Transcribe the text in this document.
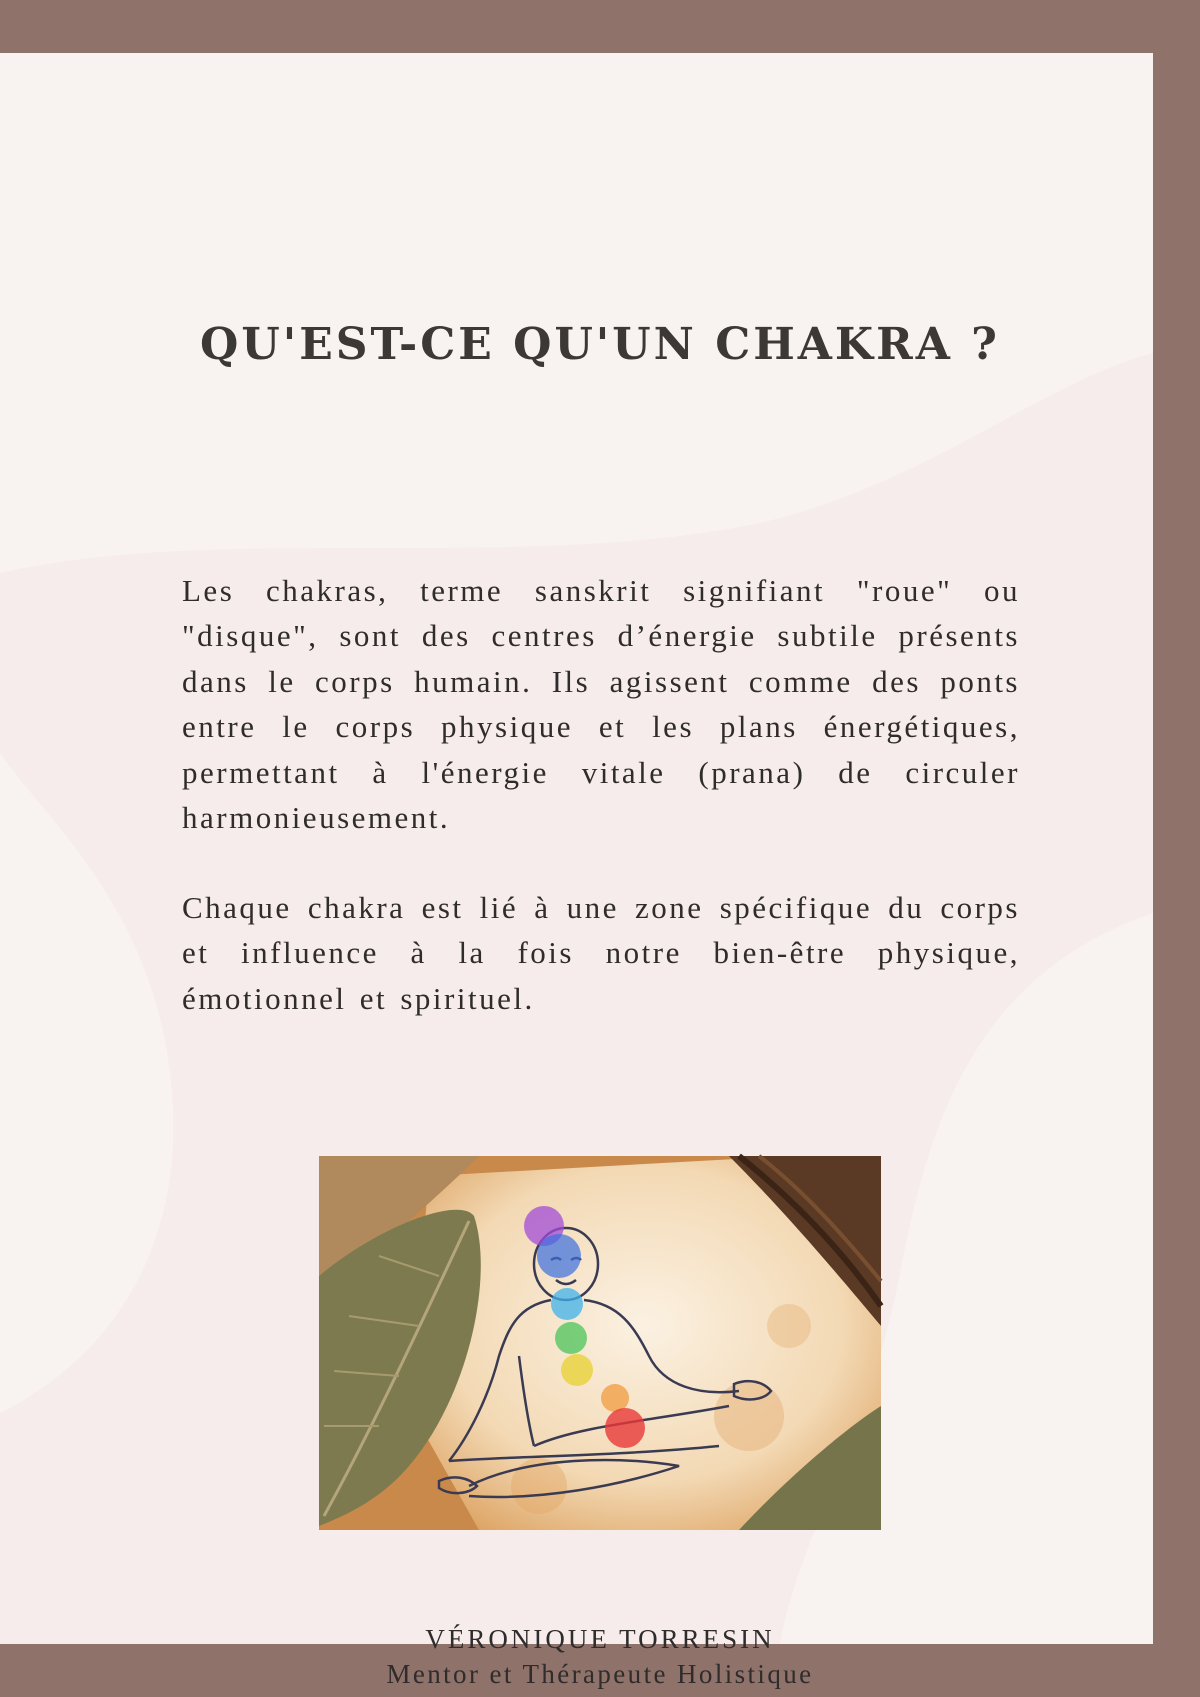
QU'EST-CE QU'UN CHAKRA ?

Les chakras, terme sanskrit signifiant "roue" ou "disque", sont des centres d’énergie subtile présents dans le corps humain. Ils agissent comme des ponts entre le corps physique et les plans énergétiques, permettant à l'énergie vitale (prana) de circuler harmonieusement.

Chaque chakra est lié à une zone spécifique du corps et influence à la fois notre bien-être physique, émotionnel et spirituel.

VÉRONIQUE TORRESIN

Mentor et Thérapeute Holistique
